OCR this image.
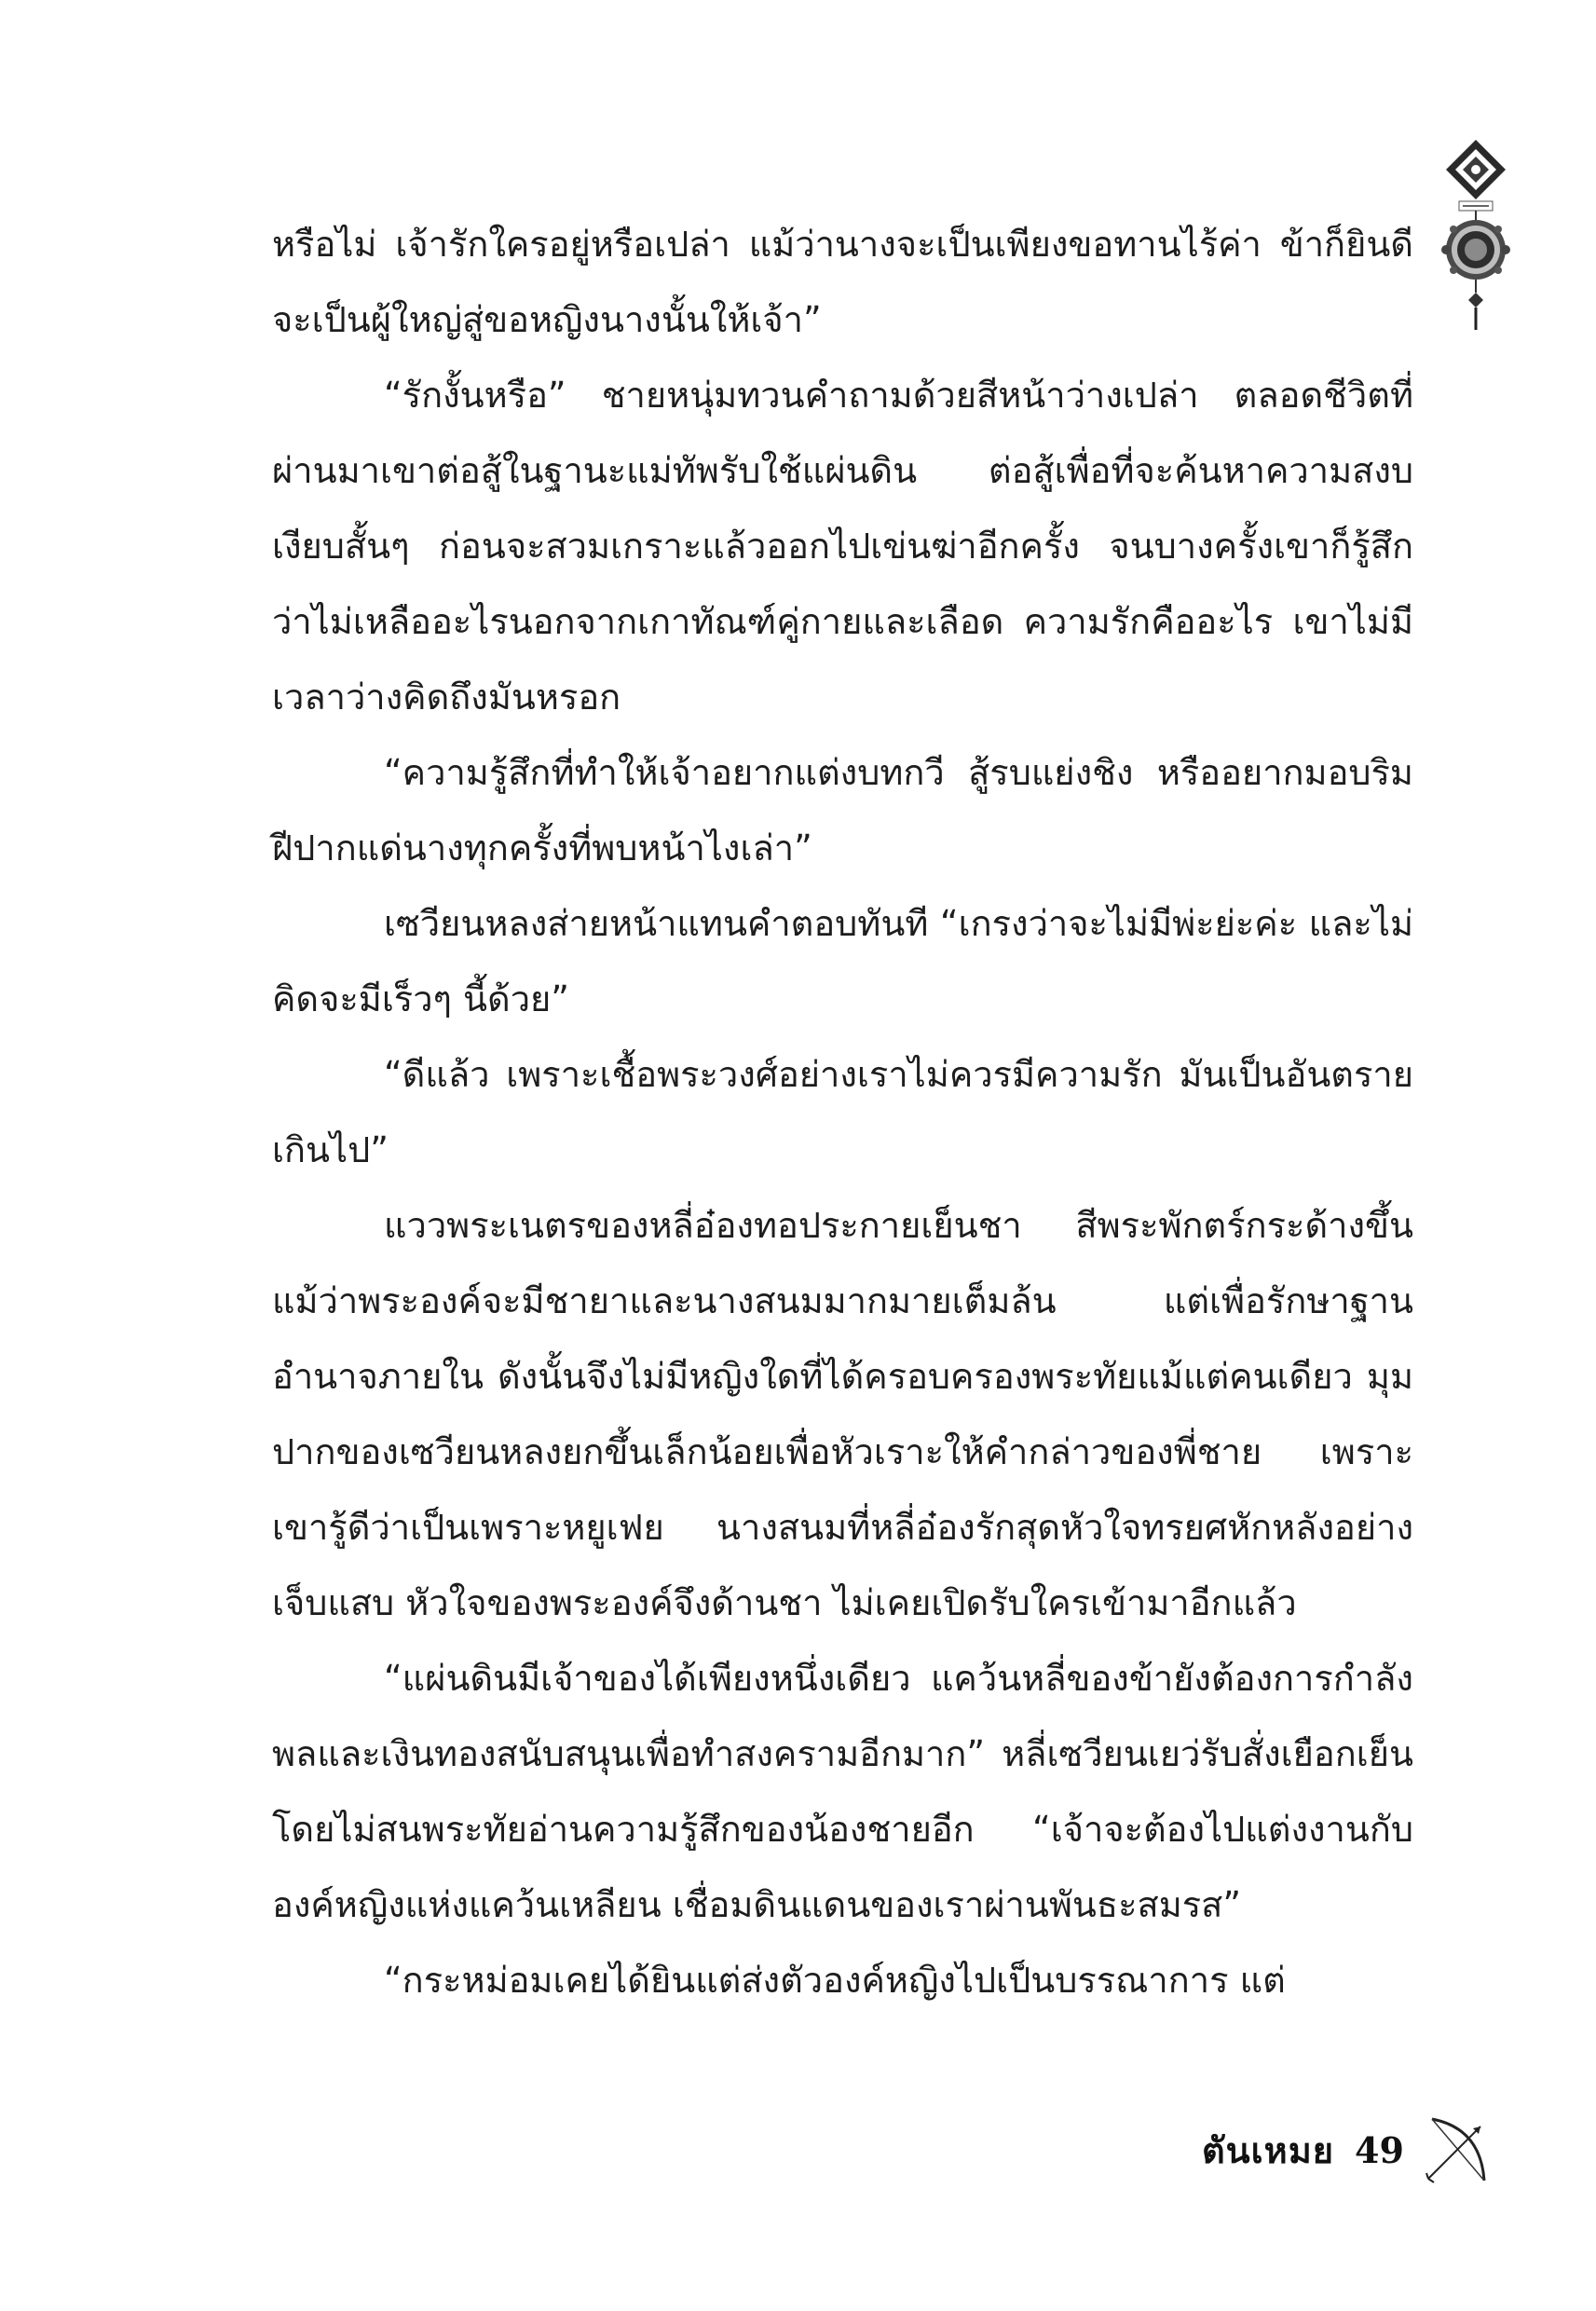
หรือไม่ เจ้ารักใครอยู่หรือเปล่า แม้ว่านางจะเป็นเพียงขอทานไร้ค่า ข้าก็ยินดีจะเป็นผู้ใหญ่สู่ขอหญิงนางนั้นให้เจ้า”

“รักงั้นหรือ” ชายหนุ่มทวนคำถามด้วยสีหน้าว่างเปล่า ตลอดชีวิตที่ผ่านมาเขาต่อสู้ในฐานะแม่ทัพรับใช้แผ่นดิน ต่อสู้เพื่อที่จะค้นหาความสงบเงียบสั้นๆ ก่อนจะสวมเกราะแล้วออกไปเข่นฆ่าอีกครั้ง จนบางครั้งเขาก็รู้สึกว่าไม่เหลืออะไรนอกจากเกาทัณฑ์คู่กายและเลือด ความรักคืออะไร เขาไม่มีเวลาว่างคิดถึงมันหรอก

“ความรู้สึกที่ทำให้เจ้าอยากแต่งบทกวี สู้รบแย่งชิง หรืออยากมอบริมฝีปากแด่นางทุกครั้งที่พบหน้าไงเล่า”

เซวียนหลงส่ายหน้าแทนคำตอบทันที “เกรงว่าจะไม่มีพ่ะย่ะค่ะ และไม่คิดจะมีเร็วๆ นี้ด้วย”

“ดีแล้ว เพราะเชื้อพระวงศ์อย่างเราไม่ควรมีความรัก มันเป็นอันตรายเกินไป”

แววพระเนตรของหลี่อ๋องทอประกายเย็นชา สีพระพักตร์กระด้างขึ้น แม้ว่าพระองค์จะมีชายาและนางสนมมากมายเต็มล้น แต่เพื่อรักษาฐานอำนาจภายใน ดังนั้นจึงไม่มีหญิงใดที่ได้ครอบครองพระทัยแม้แต่คนเดียว มุมปากของเซวียนหลงยกขึ้นเล็กน้อยเพื่อหัวเราะให้คำกล่าวของพี่ชาย เพราะเขารู้ดีว่าเป็นเพราะหยูเฟย นางสนมที่หลี่อ๋องรักสุดหัวใจทรยศหักหลังอย่างเจ็บแสบ หัวใจของพระองค์จึงด้านชา ไม่เคยเปิดรับใครเข้ามาอีกแล้ว

“แผ่นดินมีเจ้าของได้เพียงหนึ่งเดียว แคว้นหลี่ของข้ายังต้องการกำลังพลและเงินทองสนับสนุนเพื่อทำสงครามอีกมาก” หลี่เซวียนเยว่รับสั่งเยือกเย็นโดยไม่สนพระทัยอ่านความรู้สึกของน้องชายอีก “เจ้าจะต้องไปแต่งงานกับองค์หญิงแห่งแคว้นเหลียน เชื่อมดินแดนของเราผ่านพันธะสมรส”

“กระหม่อมเคยได้ยินแต่ส่งตัวองค์หญิงไปเป็นบรรณาการ แต่

ตันเหมย 49
